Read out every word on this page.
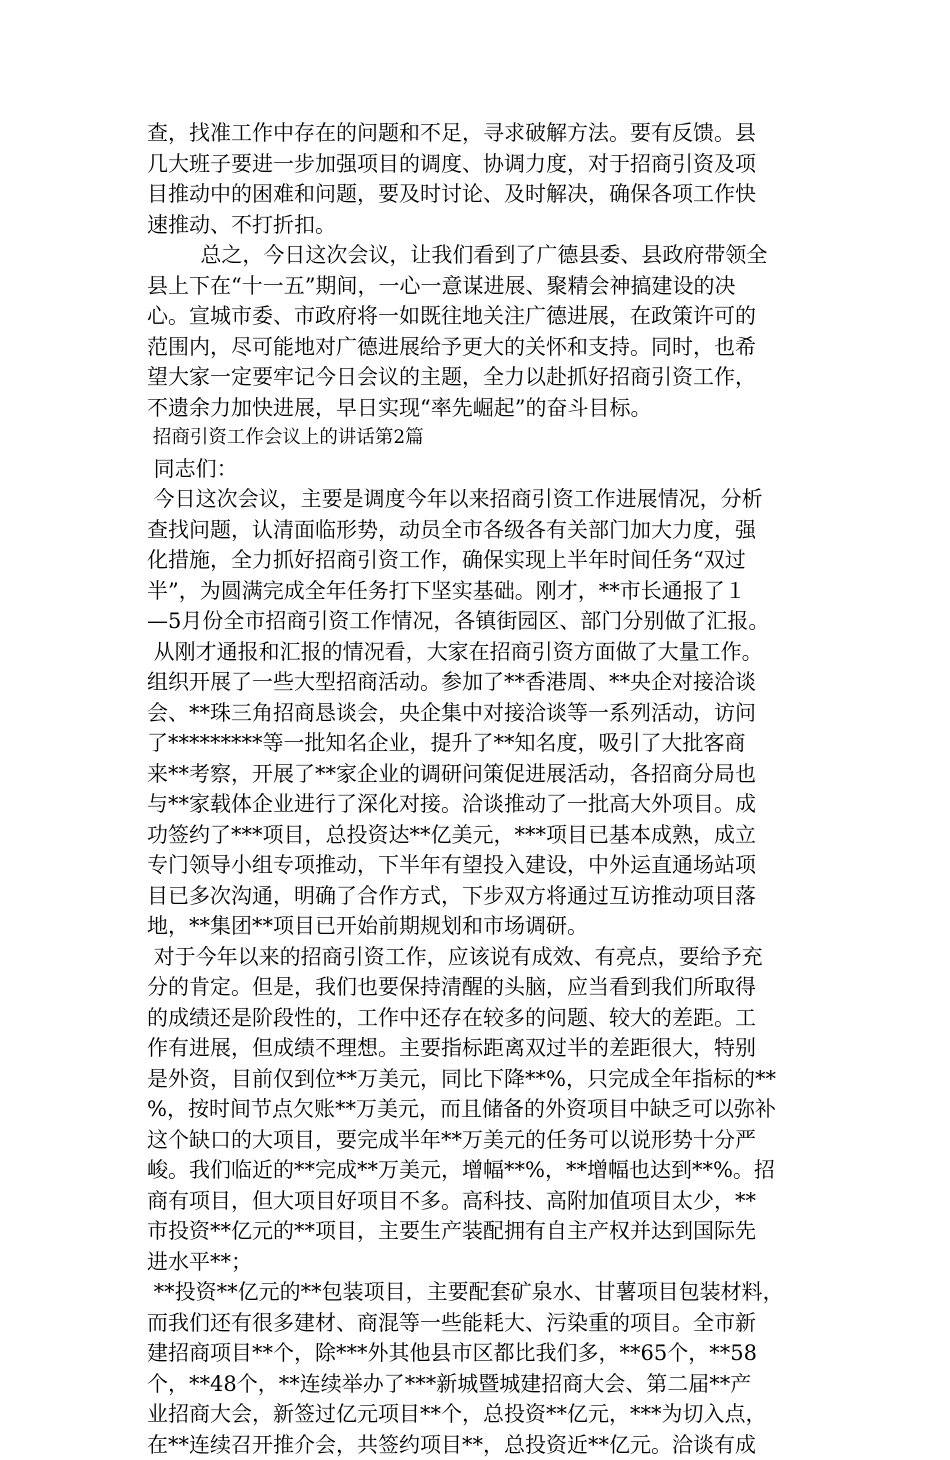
查，找准工作中存在的问题和不足，寻求破解方法。要有反馈。县
几大班子要进一步加强项目的调度、协调力度，对于招商引资及项
目推动中的困难和问题，要及时讨论、及时解决，确保各项工作快
速推动、不打折扣。
总之，今日这次会议，让我们看到了广德县委、县政府带领全
县上下在“十一五”期间，一心一意谋进展、聚精会神搞建设的决
心。宣城市委、市政府将一如既往地关注广德进展，在政策许可的
范围内，尽可能地对广德进展给予更大的关怀和支持。同时，也希
望大家一定要牢记今日会议的主题，全力以赴抓好招商引资工作，
不遗余力加快进展，早日实现“率先崛起”的奋斗目标。
招商引资工作会议上的讲话第2篇
同志们：
今日这次会议，主要是调度今年以来招商引资工作进展情况，分析
查找问题，认清面临形势，动员全市各级各有关部门加大力度，强
化措施，全力抓好招商引资工作，确保实现上半年时间任务“双过
半”，为圆满完成全年任务打下坚实基础。刚才，**市长通报了１
—5月份全市招商引资工作情况，各镇街园区、部门分别做了汇报。
从刚才通报和汇报的情况看，大家在招商引资方面做了大量工作。
组织开展了一些大型招商活动。参加了**香港周、**央企对接洽谈
会、**珠三角招商恳谈会，央企集中对接洽谈等一系列活动，访问
了*********等一批知名企业，提升了**知名度，吸引了大批客商
来**考察，开展了**家企业的调研问策促进展活动，各招商分局也
与**家载体企业进行了深化对接。洽谈推动了一批高大外项目。成
功签约了***项目，总投资达**亿美元，***项目已基本成熟，成立
专门领导小组专项推动，下半年有望投入建设，中外运直通场站项
目已多次沟通，明确了合作方式，下步双方将通过互访推动项目落
地，**集团**项目已开始前期规划和市场调研。
对于今年以来的招商引资工作，应该说有成效、有亮点，要给予充
分的肯定。但是，我们也要保持清醒的头脑，应当看到我们所取得
的成绩还是阶段性的，工作中还存在较多的问题、较大的差距。工
作有进展，但成绩不理想。主要指标距离双过半的差距很大，特别
是外资，目前仅到位**万美元，同比下降**%，只完成全年指标的**
%，按时间节点欠账**万美元，而且储备的外资项目中缺乏可以弥补
这个缺口的大项目，要完成半年**万美元的任务可以说形势十分严
峻。我们临近的**完成**万美元，增幅**%，**增幅也达到**%。招
商有项目，但大项目好项目不多。高科技、高附加值项目太少，**
市投资**亿元的**项目，主要生产装配拥有自主产权并达到国际先
进水平**；
**投资**亿元的**包装项目，主要配套矿泉水、甘薯项目包装材料，
而我们还有很多建材、商混等一些能耗大、污染重的项目。全市新
建招商项目**个，除***外其他县市区都比我们多，**65个，**58
个，**48个，**连续举办了***新城暨城建招商大会、第二届**产
业招商大会，新签过亿元项目**个，总投资**亿元，***为切入点，
在**连续召开推介会，共签约项目**，总投资近**亿元。洽谈有成
